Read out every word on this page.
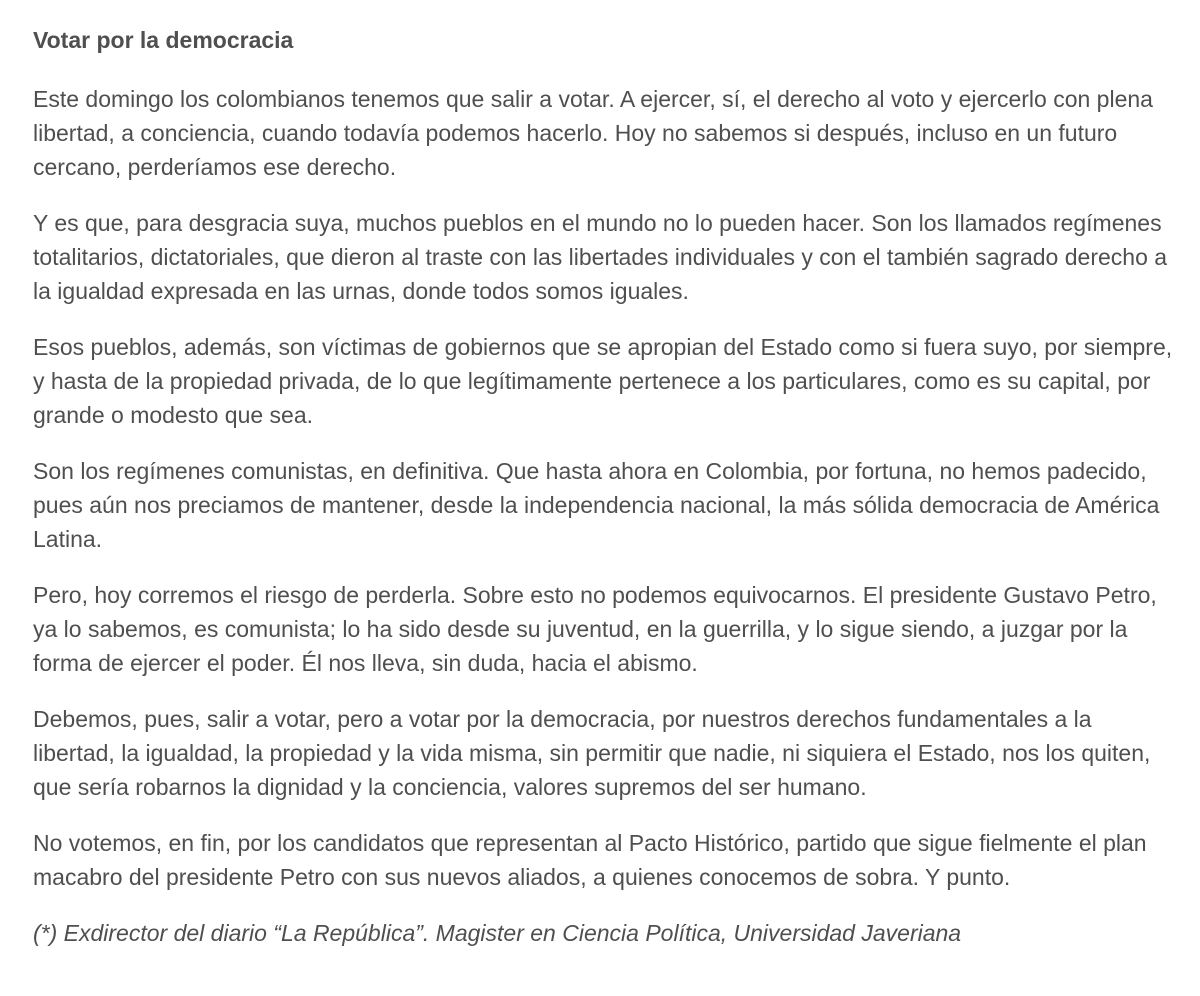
Votar por la democracia

Este domingo los colombianos tenemos que salir a votar. A ejercer, sí, el derecho al voto y ejercerlo con plena libertad, a conciencia, cuando todavía podemos hacerlo. Hoy no sabemos si después, incluso en un futuro cercano, perderíamos ese derecho.

Y es que, para desgracia suya, muchos pueblos en el mundo no lo pueden hacer. Son los llamados regímenes totalitarios, dictatoriales, que dieron al traste con las libertades individuales y con el también sagrado derecho a la igualdad expresada en las urnas, donde todos somos iguales.

Esos pueblos, además, son víctimas de gobiernos que se apropian del Estado como si fuera suyo, por siempre, y hasta de la propiedad privada, de lo que legítimamente pertenece a los particulares, como es su capital, por grande o modesto que sea.

Son los regímenes comunistas, en definitiva. Que hasta ahora en Colombia, por fortuna, no hemos padecido, pues aún nos preciamos de mantener, desde la independencia nacional, la más sólida democracia de América Latina.

Pero, hoy corremos el riesgo de perderla. Sobre esto no podemos equivocarnos. El presidente Gustavo Petro, ya lo sabemos, es comunista; lo ha sido desde su juventud, en la guerrilla, y lo sigue siendo, a juzgar por la forma de ejercer el poder. Él nos lleva, sin duda, hacia el abismo.

Debemos, pues, salir a votar, pero a votar por la democracia, por nuestros derechos fundamentales a la libertad, la igualdad, la propiedad y la vida misma, sin permitir que nadie, ni siquiera el Estado, nos los quiten, que sería robarnos la dignidad y la conciencia, valores supremos del ser humano.

No votemos, en fin, por los candidatos que representan al Pacto Histórico, partido que sigue fielmente el plan macabro del presidente Petro con sus nuevos aliados, a quienes conocemos de sobra. Y punto.

(*) Exdirector del diario “La República”. Magister en Ciencia Política, Universidad Javeriana
